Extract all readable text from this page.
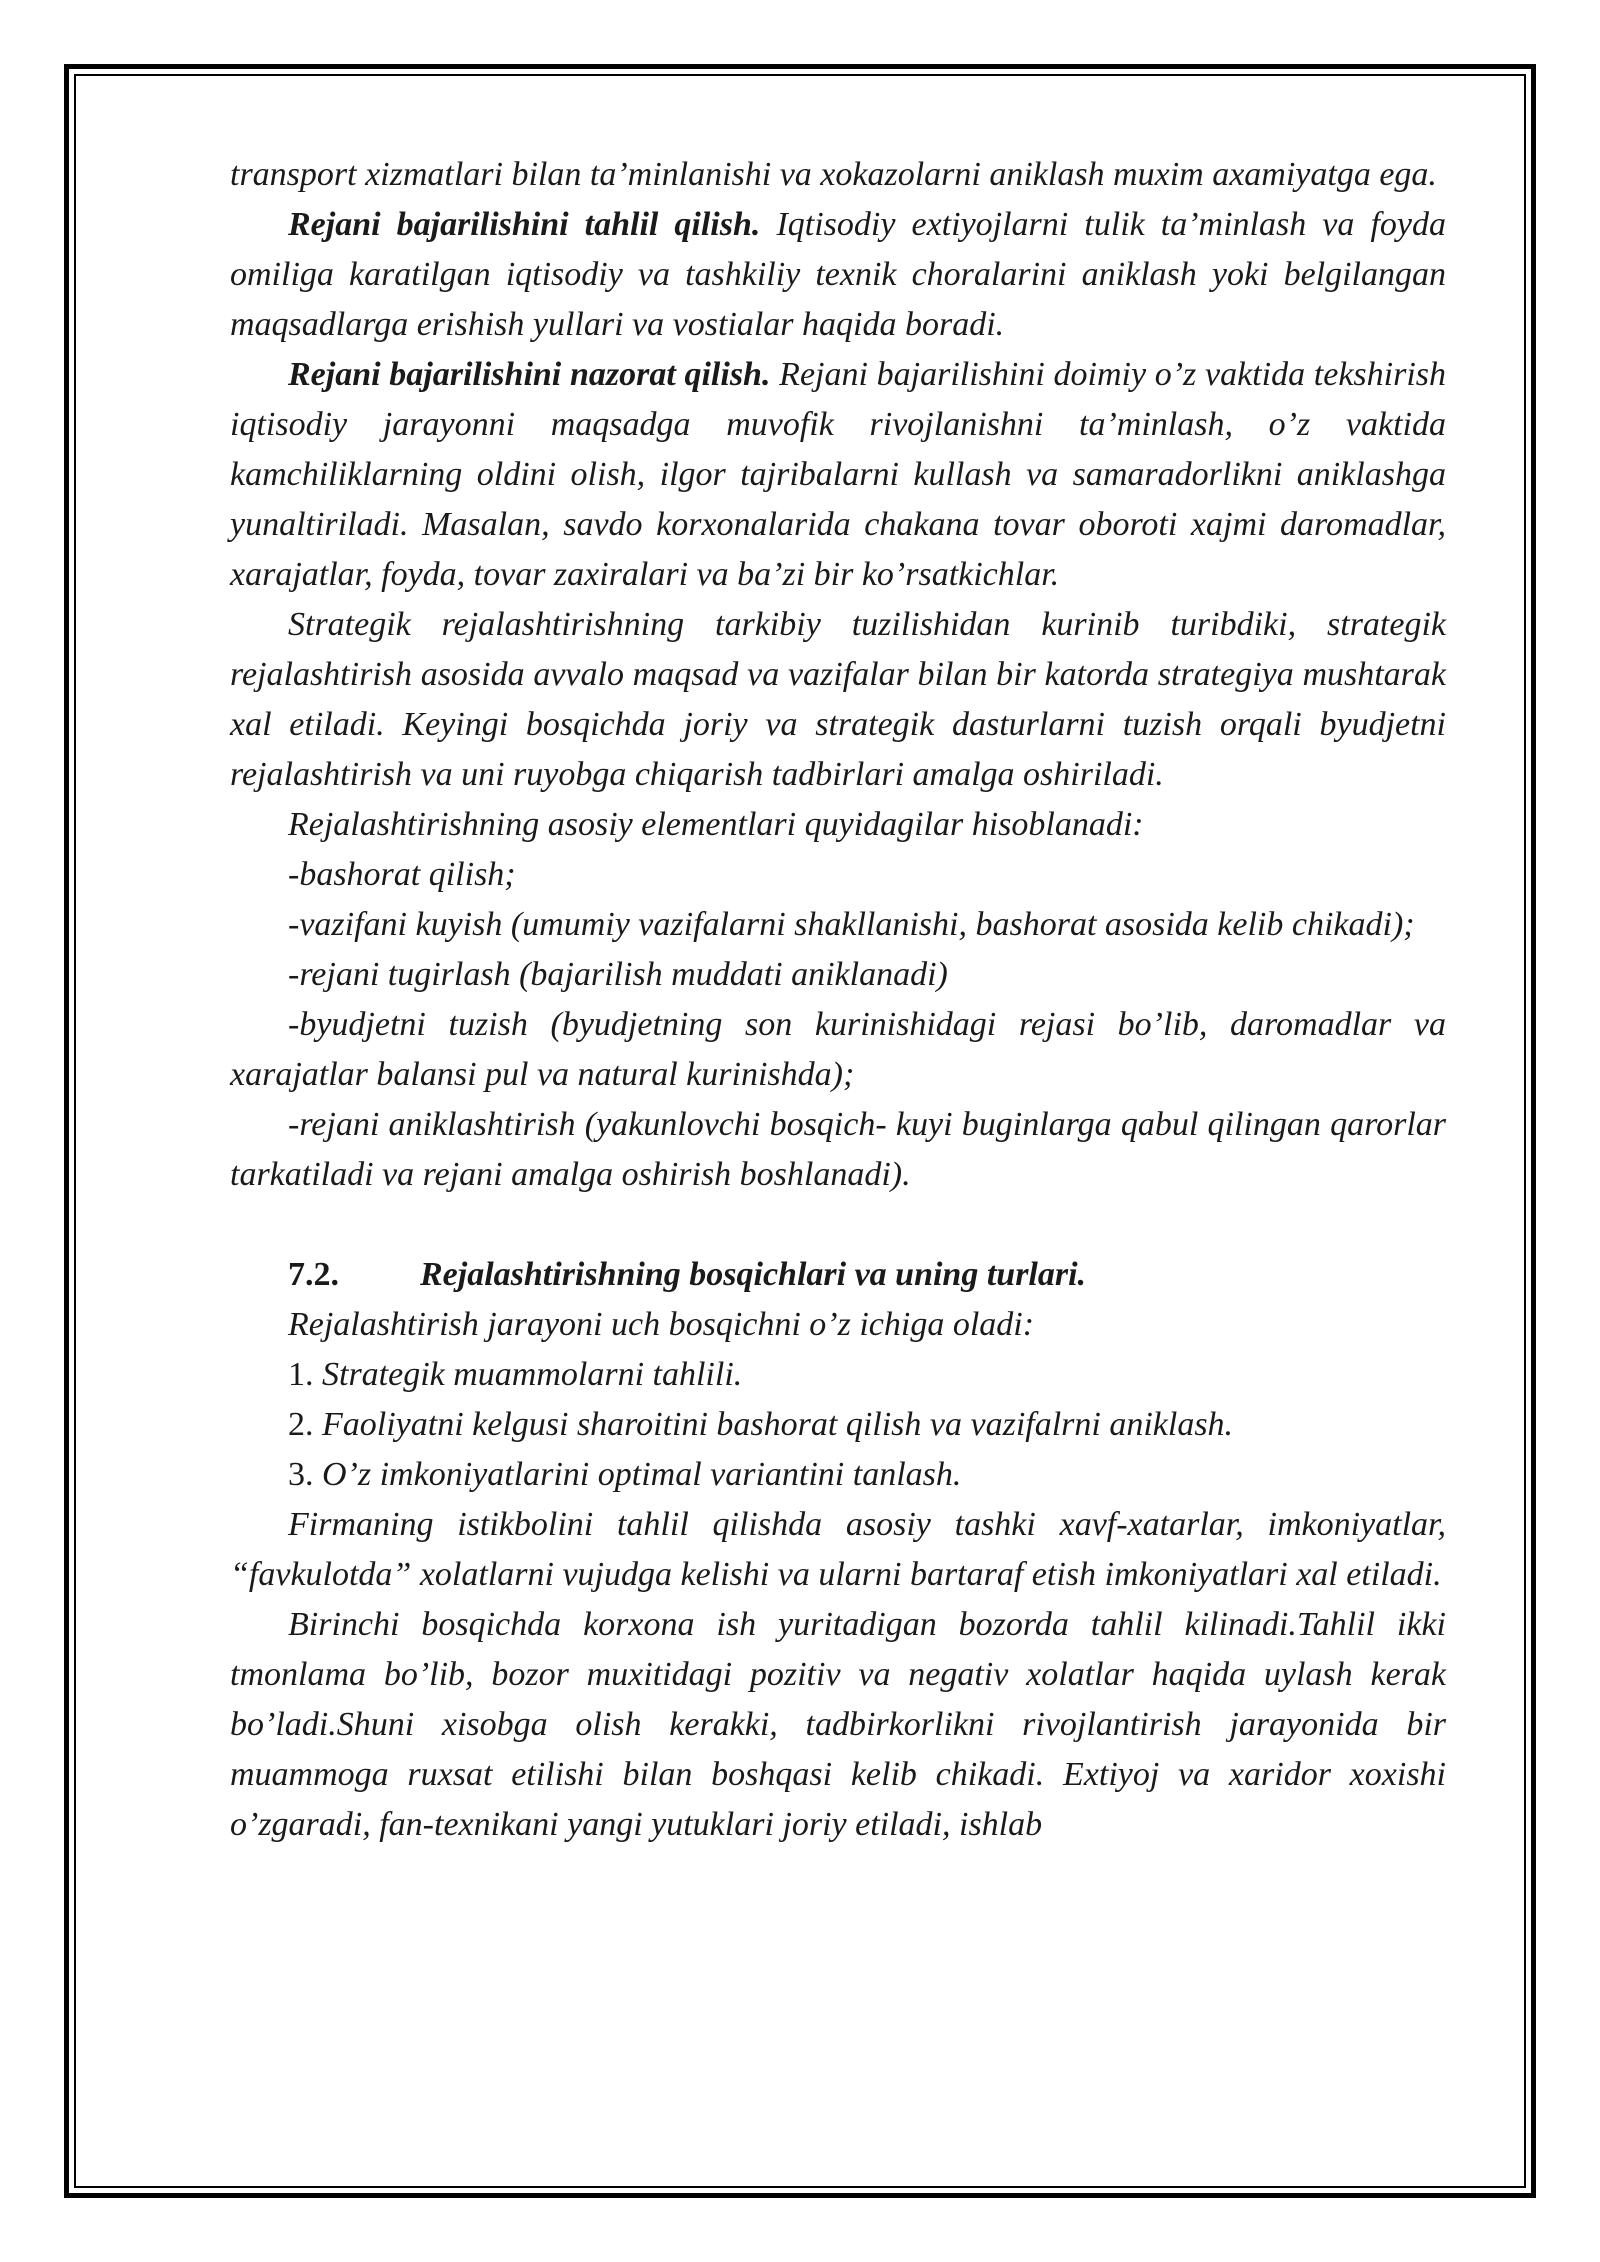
transport xizmatlari bilan ta’minlanishi va xokazolarni aniklash muxim axamiyatga ega.

Rejani bajarilishini tahlil qilish. Iqtisodiy extiyojlarni tulik ta’minlash va foyda omiliga karatilgan iqtisodiy va tashkiliy texnik choralarini aniklash yoki belgilangan maqsadlarga erishish yullari va vostialar haqida boradi.

Rejani bajarilishini nazorat qilish. Rejani bajarilishini doimiy o’z vaktida tekshirish iqtisodiy jarayonni maqsadga muvofik rivojlanishni ta’minlash, o’z vaktida kamchiliklarning oldini olish, ilgor tajribalarni kullash va samaradorlikni aniklashga yunaltiriladi. Masalan, savdo korxonalarida chakana tovar oboroti xajmi daromadlar, xarajatlar, foyda, tovar zaxiralari va ba’zi bir ko’rsatkichlar.

Strategik rejalashtirishning tarkibiy tuzilishidan kurinib turibdiki, strategik rejalashtirish asosida avvalo maqsad va vazifalar bilan bir katorda strategiya mushtarak xal etiladi. Keyingi bosqichda joriy va strategik dasturlarni tuzish orqali byudjetni rejalashtirish va uni ruyobga chiqarish tadbirlari amalga oshiriladi.

Rejalashtirishning asosiy elementlari quyidagilar hisoblanadi:

-bashorat qilish;

-vazifani kuyish (umumiy vazifalarni shakllanishi, bashorat asosida kelib chikadi);

-rejani tugirlash (bajarilish muddati aniklanadi)

-byudjetni tuzish (byudjetning son kurinishidagi rejasi bo’lib, daromadlar va xarajatlar balansi pul va natural kurinishda);

-rejani aniklashtirish (yakunlovchi bosqich- kuyi buginlarga qabul qilingan qarorlar tarkatiladi va rejani amalga oshirish boshlanadi).

7.2. Rejalashtirishning bosqichlari va uning turlari.

Rejalashtirish jarayoni uch bosqichni o’z ichiga oladi:

1. Strategik muammolarni tahlili.

2. Faoliyatni kelgusi sharoitini bashorat qilish va vazifalrni aniklash.

3. O’z imkoniyatlarini optimal variantini tanlash.

Firmaning istikbolini tahlil qilishda asosiy tashki xavf-xatarlar, imkoniyatlar, “favkulotda” xolatlarni vujudga kelishi va ularni bartaraf etish imkoniyatlari xal etiladi.

Birinchi bosqichda korxona ish yuritadigan bozorda tahlil kilinadi.Tahlil ikki tmonlama bo’lib, bozor muxitidagi pozitiv va negativ xolatlar haqida uylash kerak bo’ladi.Shuni xisobga olish kerakki, tadbirkorlikni rivojlantirish jarayonida bir muammoga ruxsat etilishi bilan boshqasi kelib chikadi. Extiyoj va xaridor xoxishi o’zgaradi, fan-texnikani yangi yutuklari joriy etiladi, ishlab
